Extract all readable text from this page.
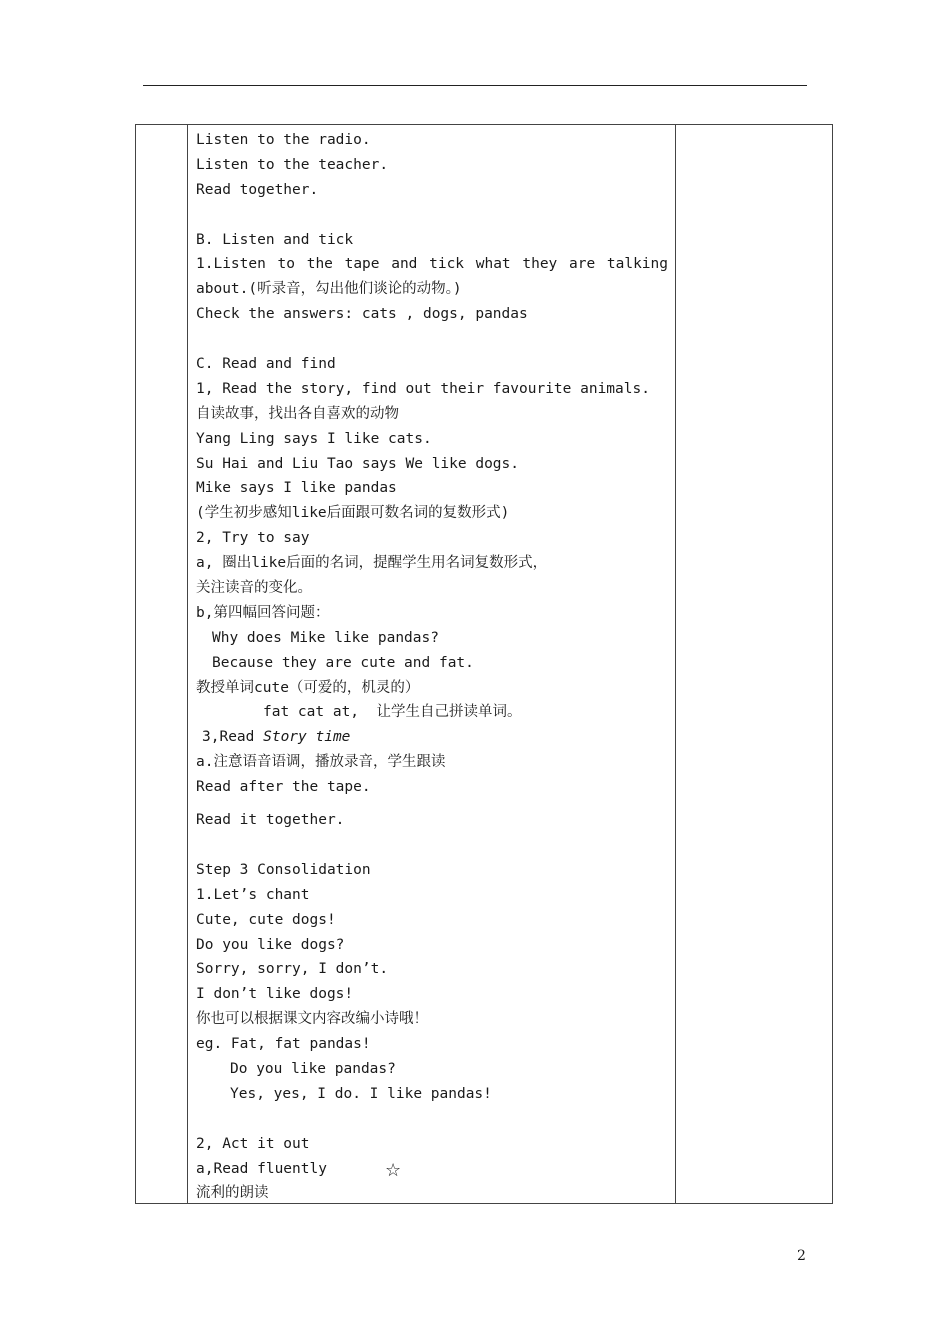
Listen to the radio.
Listen to the teacher.
Read together.
B. Listen and tick
1.Listen to the tape and tick what they are talking
about.(听录音，勾出他们谈论的动物。)
Check the answers: cats , dogs, pandas
C. Read and find
1, Read the story, find out their favourite animals.
自读故事，找出各自喜欢的动物
Yang Ling says I like cats.
Su Hai and Liu Tao says We like dogs.
Mike says I like pandas
(学生初步感知like后面跟可数名词的复数形式)
2, Try to say
a, 圈出like后面的名词，提醒学生用名词复数形式，
关注读音的变化。
b,第四幅回答问题：
Why does Mike like pandas?
Because they are cute and fat.
教授单词cute（可爱的，机灵的）
fat cat at,  让学生自己拼读单词。
3,Read Story time
a.注意语音语调，播放录音，学生跟读
Read after the tape.
Read it together.
Step 3 Consolidation
1.Let’s chant
Cute, cute dogs!
Do you like dogs?
Sorry, sorry, I don’t.
I don’t like dogs!
你也可以根据课文内容改编小诗哦！
eg. Fat, fat pandas!
Do you like pandas?
Yes, yes, I do. I like pandas!
2, Act it out
a,Read fluently
流利的朗读
☆
2
